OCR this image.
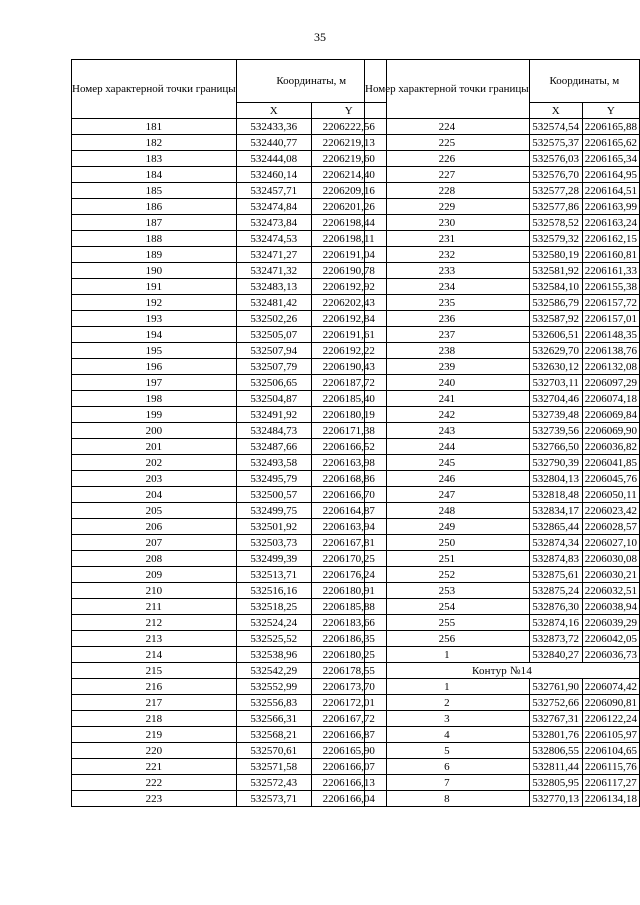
35
Номер характерной точки границы	Координаты, м	
	X	Y
181	532433,36	2206222,56
182	532440,77	2206219,13
183	532444,08	2206219,60
184	532460,14	2206214,40
185	532457,71	2206209,16
186	532474,84	2206201,26
187	532473,84	2206198,44
188	532474,53	2206198,11
189	532471,27	2206191,04
190	532471,32	2206190,78
191	532483,13	2206192,92
192	532481,42	2206202,43
193	532502,26	2206192,84
194	532505,07	2206191,61
195	532507,94	2206192,22
196	532507,79	2206190,43
197	532506,65	2206187,72
198	532504,87	2206185,40
199	532491,92	2206180,19
200	532484,73	2206171,38
201	532487,66	2206166,52
202	532493,58	2206163,98
203	532495,79	2206168,86
204	532500,57	2206166,70
205	532499,75	2206164,87
206	532501,92	2206163,94
207	532503,73	2206167,81
208	532499,39	2206170,25
209	532513,71	2206176,24
210	532516,16	2206180,91
211	532518,25	2206185,88
212	532524,24	2206183,66
213	532525,52	2206186,35
214	532538,96	2206180,25
215	532542,29	2206178,55
216	532552,99	2206173,70
217	532556,83	2206172,01
218	532566,31	2206167,72
219	532568,21	2206166,87
220	532570,61	2206165,90
221	532571,58	2206166,07
222	532572,43	2206166,13
223	532573,71	2206166,04
Номер характерной точки границы	Координаты, м	
	X	Y
224	532574,54	2206165,88
225	532575,37	2206165,62
226	532576,03	2206165,34
227	532576,70	2206164,95
228	532577,28	2206164,51
229	532577,86	2206163,99
230	532578,52	2206163,24
231	532579,32	2206162,15
232	532580,19	2206160,81
233	532581,92	2206161,33
234	532584,10	2206155,38
235	532586,79	2206157,72
236	532587,92	2206157,01
237	532606,51	2206148,35
238	532629,70	2206138,76
239	532630,12	2206132,08
240	532703,11	2206097,29
241	532704,46	2206074,18
242	532739,48	2206069,84
243	532739,56	2206069,90
244	532766,50	2206036,82
245	532790,39	2206041,85
246	532804,13	2206045,76
247	532818,48	2206050,11
248	532834,17	2206023,42
249	532865,44	2206028,57
250	532874,34	2206027,10
251	532874,83	2206030,08
252	532875,61	2206030,21
253	532875,24	2206032,51
254	532876,30	2206038,94
255	532874,16	2206039,29
256	532873,72	2206042,05
1	532840,27	2206036,73
Контур №14		
1	532761,90	2206074,42
2	532752,66	2206090,81
3	532767,31	2206122,24
4	532801,76	2206105,97
5	532806,55	2206104,65
6	532811,44	2206115,76
7	532805,95	2206117,27
8	532770,13	2206134,18
